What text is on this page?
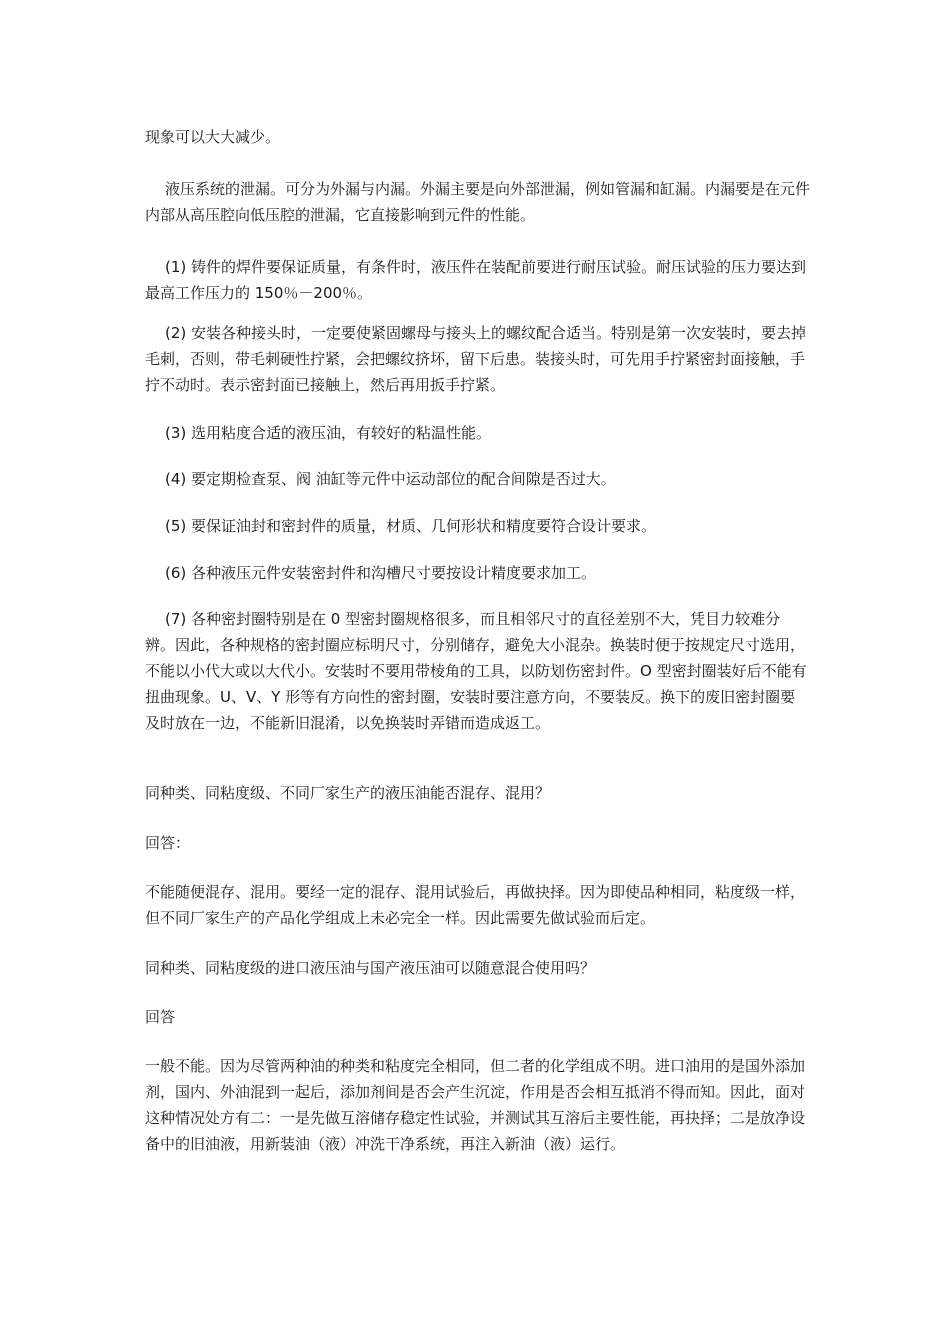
现象可以大大减少。

液压系统的泄漏。可分为外漏与内漏。外漏主要是向外部泄漏，例如管漏和缸漏。内漏要是在元件内部从高压腔向低压腔的泄漏，它直接影响到元件的性能。

(1) 铸件的焊件要保证质量，有条件时，液压件在装配前要进行耐压试验。耐压试验的压力要达到最高工作压力的 150％－200％。

(2) 安装各种接头时，一定要使紧固螺母与接头上的螺纹配合适当。特别是第一次安装时，要去掉毛刺，否则，带毛刺硬性拧紧，会把螺纹挤坏，留下后患。装接头时，可先用手拧紧密封面接触，手拧不动时。表示密封面已接触上，然后再用扳手拧紧。

(3) 选用粘度合适的液压油，有较好的粘温性能。

(4) 要定期检查泵、阀 油缸等元件中运动部位的配合间隙是否过大。

(5) 要保证油封和密封件的质量，材质、几何形状和精度要符合设计要求。

(6) 各种液压元件安装密封件和沟槽尺寸要按设计精度要求加工。

(7) 各种密封圈特别是在 0 型密封圈规格很多，而且相邻尺寸的直径差别不大，凭目力较难分辨。因此，各种规格的密封圈应标明尺寸，分别储存，避免大小混杂。换装时便于按规定尺寸选用，不能以小代大或以大代小。安装时不要用带棱角的工具，以防划伤密封件。O 型密封圈装好后不能有扭曲现象。U、V、Y 形等有方向性的密封圈，安装时要注意方向，不要装反。换下的废旧密封圈要及时放在一边，不能新旧混淆，以免换装时弄错而造成返工。

同种类、同粘度级、不同厂家生产的液压油能否混存、混用？

回答：

不能随便混存、混用。要经一定的混存、混用试验后，再做抉择。因为即使品种相同，粘度级一样，但不同厂家生产的产品化学组成上未必完全一样。因此需要先做试验而后定。

同种类、同粘度级的进口液压油与国产液压油可以随意混合使用吗？

回答

一般不能。因为尽管两种油的种类和粘度完全相同，但二者的化学组成不明。进口油用的是国外添加剂，国内、外油混到一起后，添加剂间是否会产生沉淀，作用是否会相互抵消不得而知。因此，面对这种情况处方有二：一是先做互溶储存稳定性试验，并测试其互溶后主要性能，再抉择；二是放净设备中的旧油液，用新装油（液）冲洗干净系统，再注入新油（液）运行。
